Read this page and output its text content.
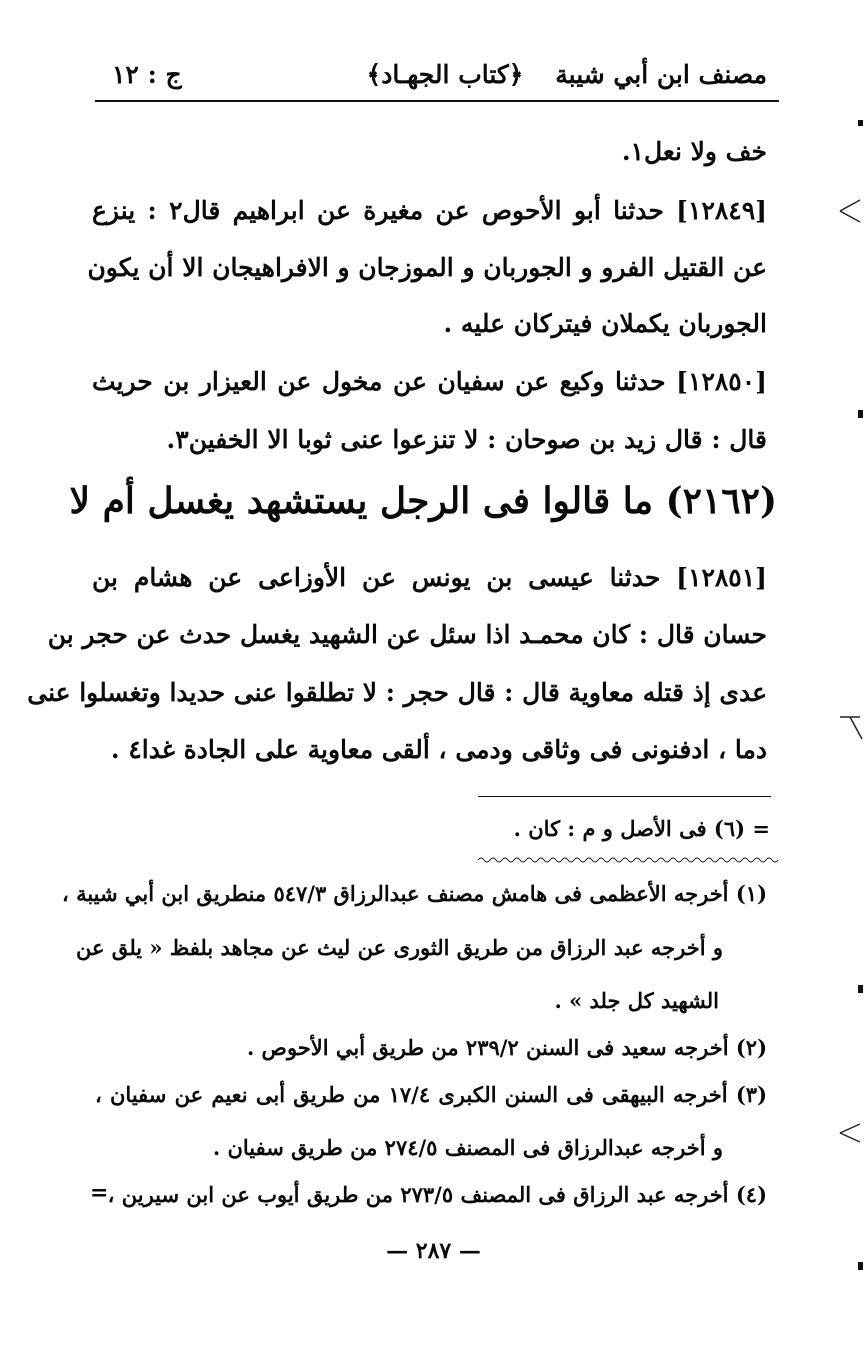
مصنف ابن أبي شيبة
﴿كتاب الجهـاد﴾
ج : ١٢
خف ولا نعل١.
[١٢٨٤٩] حدثنا أبو الأحوص عن مغيرة عن ابراهيم قال٢ : ينزع
عن القتيل الفرو و الجوربان و الموزجان و الافراهيجان الا أن يكون
الجوربان يكملان فيتركان عليه .
[١٢٨٥٠] حدثنا وكيع عن سفيان عن مخول عن العيزار بن حريث
قال : قال زيد بن صوحان : لا تنزعوا عنى ثوبا الا الخفين٣.
(٢١٦٢) ما قالوا فى الرجل يستشهد يغسل أم لا
[١٢٨٥١] حدثنا عيسى بن يونس عن الأوزاعى عن هشام بن
حسان قال : كان محمـد اذا سئل عن الشهيد يغسل حدث عن حجر بن
عدى إذ قتله معاوية قال : قال حجر : لا تطلقوا عنى حديدا وتغسلوا عنى
دما ، ادفنونى فى وثاقى ودمى ، ألقى معاوية على الجادة غدا٤ .
= (٦) فى الأصل و م : كان .
(١) أخرجه الأعظمى فى هامش مصنف عبدالرزاق ٥٤٧/٣ منطريق ابن أبي شيبة ،
و أخرجه عبد الرزاق من طريق الثورى عن ليث عن مجاهد بلفظ « يلق عن
الشهيد كل جلد » .
(٢) أخرجه سعيد فى السنن ٢٣٩/٢ من طريق أبي الأحوص .
(٣) أخرجه البيهقى فى السنن الكبرى ١٧/٤ من طريق أبى نعيم عن سفيان ،
و أخرجه عبدالرزاق فى المصنف ٢٧٤/٥ من طريق سفيان .
(٤) أخرجه عبد الرزاق فى المصنف ٢٧٣/٥ من طريق أيوب عن ابن سيرين ،
=
— ٢٨٧ —
